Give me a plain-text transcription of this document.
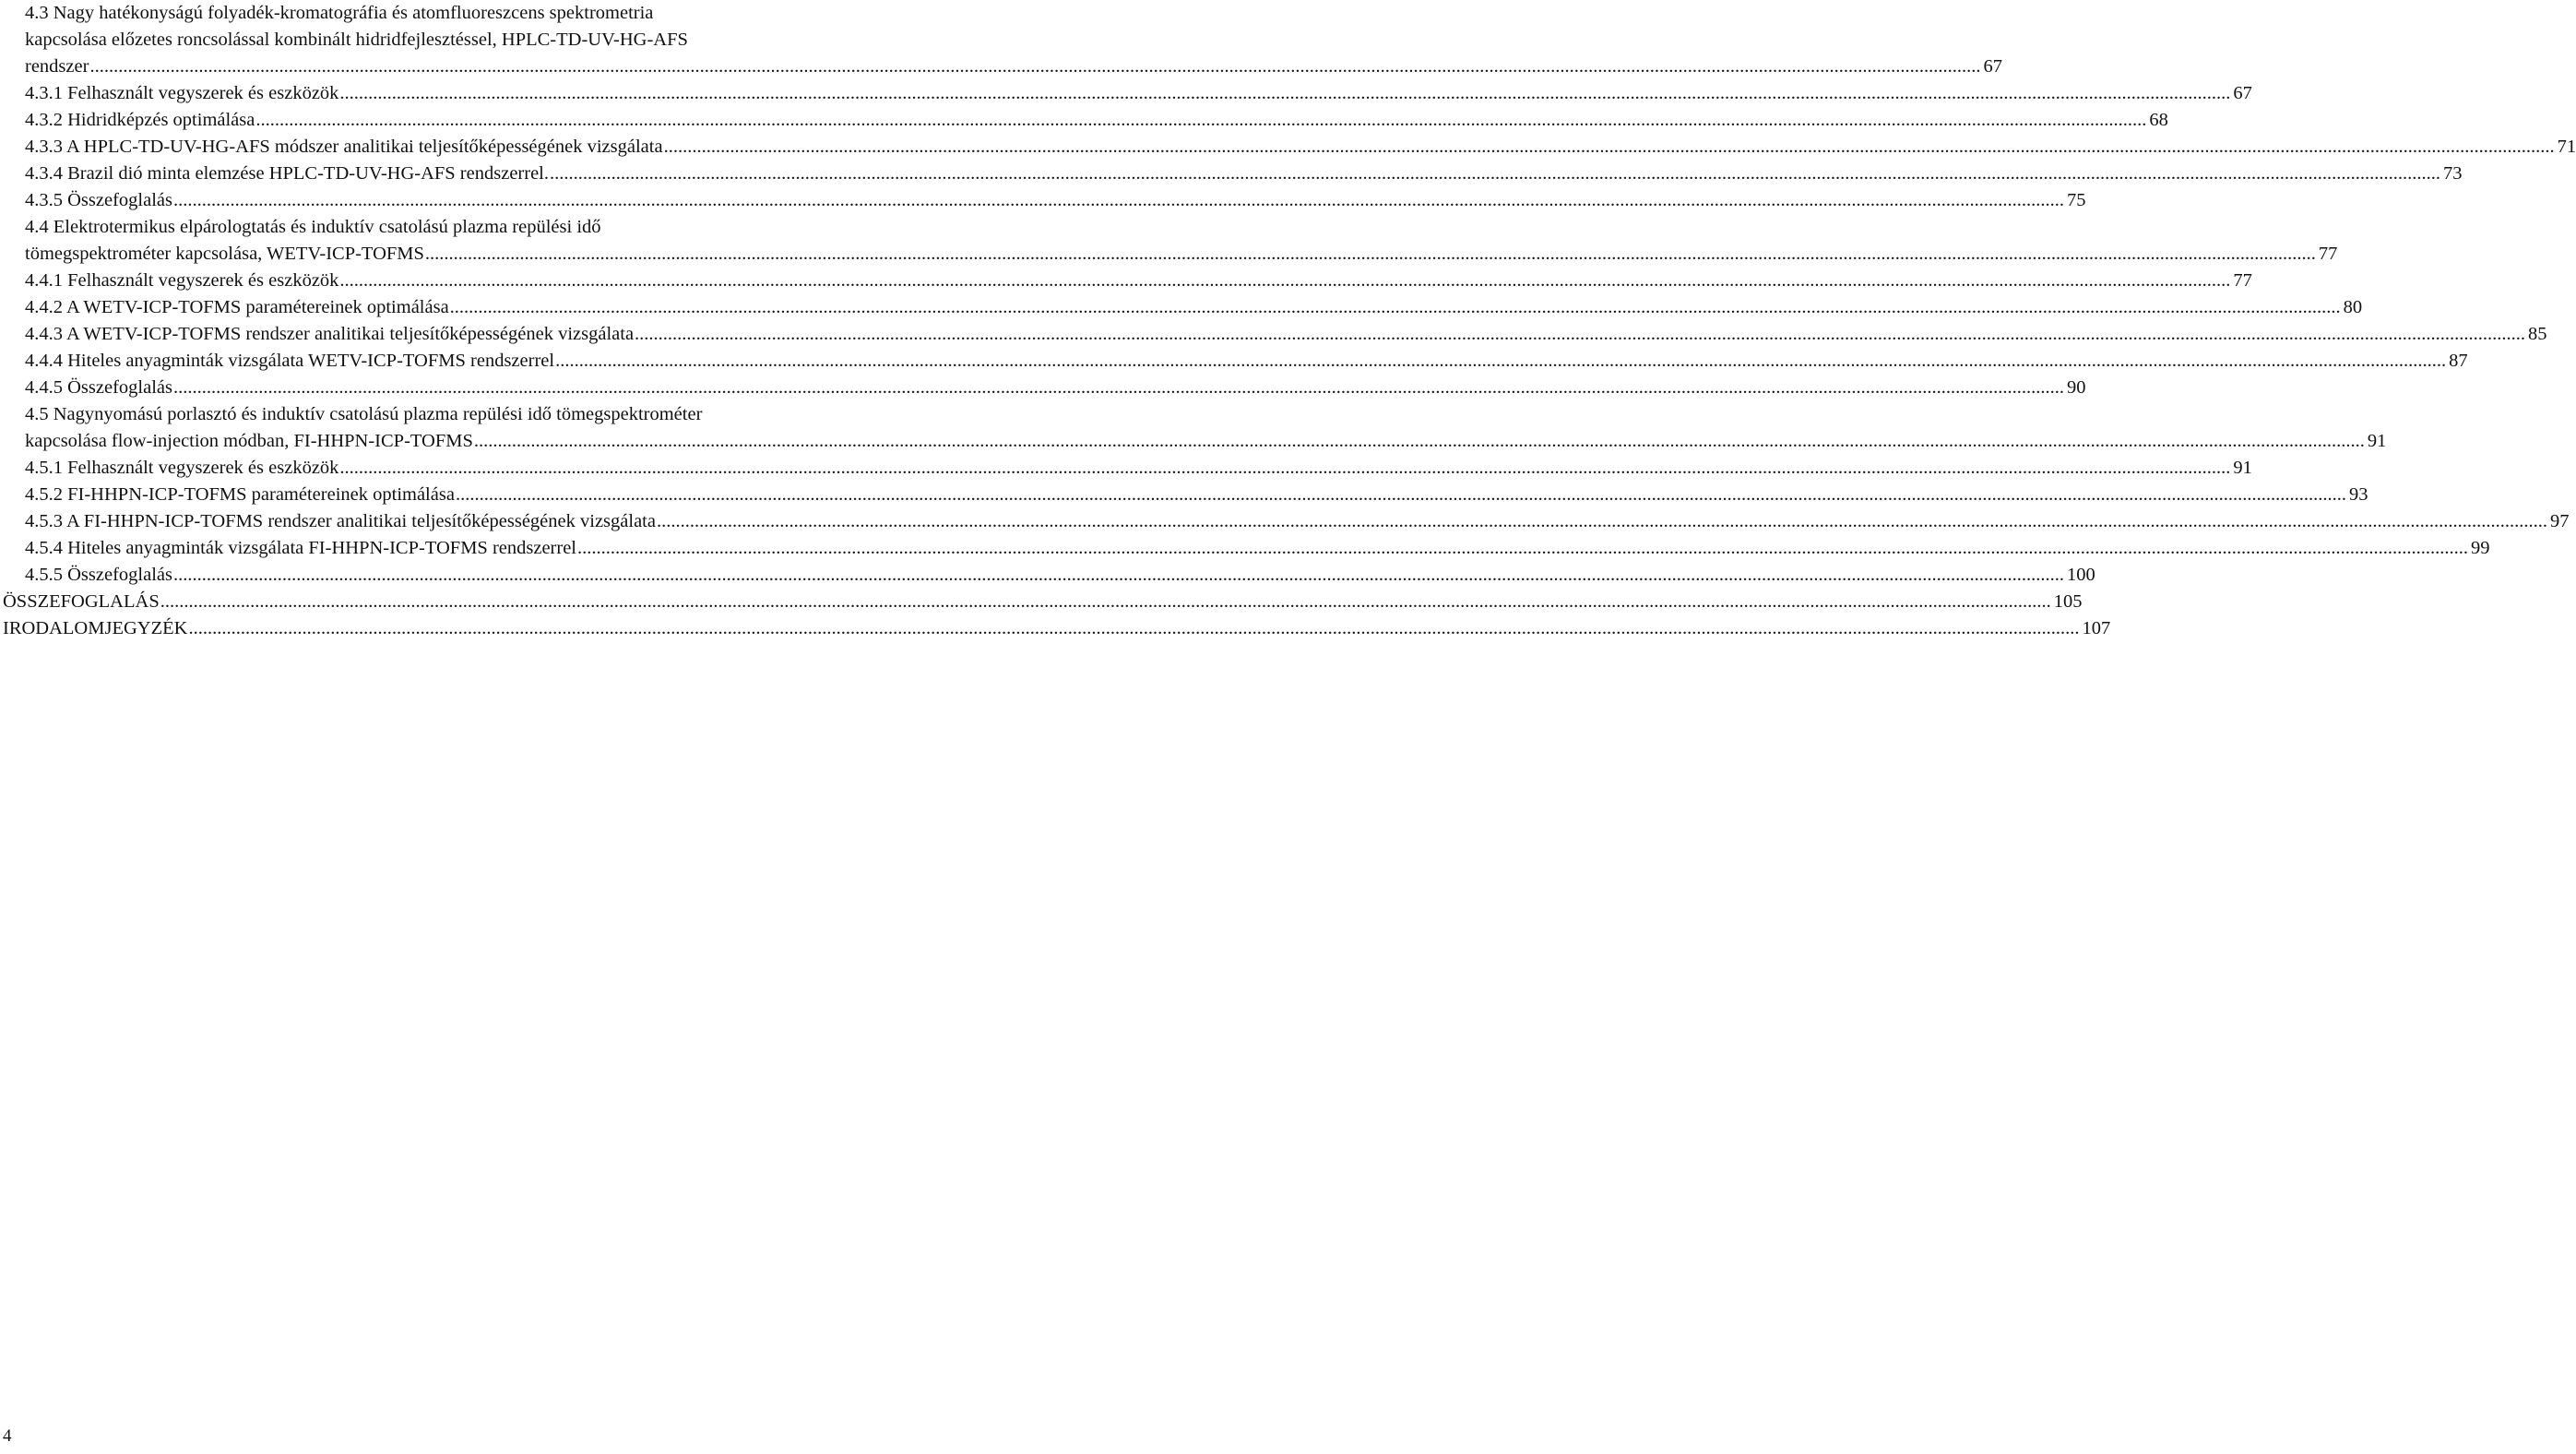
4.3 Nagy hatékonyságú folyadék-kromatográfia és atomfluoreszcens spektrometria
kapcsolása előzetes roncsolással kombinált hidridfejlesztéssel, HPLC-TD-UV-HG-AFS
rendszer ................................................................................................................................................................................................................................................................................................................................................................................................................ 67
4.3.1 Felhasznált vegyszerek és eszközök ................................................................................................................................................................................................................................................................................................................................................................................................................ 67
4.3.2 Hidridképzés optimálása ................................................................................................................................................................................................................................................................................................................................................................................................................ 68
4.3.3 A HPLC-TD-UV-HG-AFS módszer analitikai teljesítőképességének vizsgálata ................................................................................................................................................................................................................................................................................................................................................................................................................ 71
4.3.4 Brazil dió minta elemzése HPLC-TD-UV-HG-AFS rendszerrel. ................................................................................................................................................................................................................................................................................................................................................................................................................ 73
4.3.5 Összefoglalás ................................................................................................................................................................................................................................................................................................................................................................................................................ 75
4.4 Elektrotermikus elpárologtatás és induktív csatolású plazma repülési idő
tömegspektrométer kapcsolása, WETV-ICP-TOFMS ................................................................................................................................................................................................................................................................................................................................................................................................................ 77
4.4.1 Felhasznált vegyszerek és eszközök ................................................................................................................................................................................................................................................................................................................................................................................................................ 77
4.4.2 A WETV-ICP-TOFMS paramétereinek optimálása ................................................................................................................................................................................................................................................................................................................................................................................................................ 80
4.4.3 A WETV-ICP-TOFMS rendszer analitikai teljesítőképességének vizsgálata ................................................................................................................................................................................................................................................................................................................................................................................................................ 85
4.4.4 Hiteles anyagminták vizsgálata WETV-ICP-TOFMS rendszerrel ................................................................................................................................................................................................................................................................................................................................................................................................................ 87
4.4.5 Összefoglalás ................................................................................................................................................................................................................................................................................................................................................................................................................ 90
4.5 Nagynyomású porlasztó és induktív csatolású plazma repülési idő tömegspektrométer
kapcsolása flow-injection módban, FI-HHPN-ICP-TOFMS ................................................................................................................................................................................................................................................................................................................................................................................................................ 91
4.5.1 Felhasznált vegyszerek és eszközök ................................................................................................................................................................................................................................................................................................................................................................................................................ 91
4.5.2 FI-HHPN-ICP-TOFMS paramétereinek optimálása ................................................................................................................................................................................................................................................................................................................................................................................................................ 93
4.5.3 A FI-HHPN-ICP-TOFMS rendszer analitikai teljesítőképességének vizsgálata ................................................................................................................................................................................................................................................................................................................................................................................................................ 97
4.5.4 Hiteles anyagminták vizsgálata FI-HHPN-ICP-TOFMS rendszerrel ................................................................................................................................................................................................................................................................................................................................................................................................................ 99
4.5.5 Összefoglalás ................................................................................................................................................................................................................................................................................................................................................................................................................ 100
ÖSSZEFOGLALÁS ................................................................................................................................................................................................................................................................................................................................................................................................................ 105
IRODALOMJEGYZÉK ................................................................................................................................................................................................................................................................................................................................................................................................................ 107
4
